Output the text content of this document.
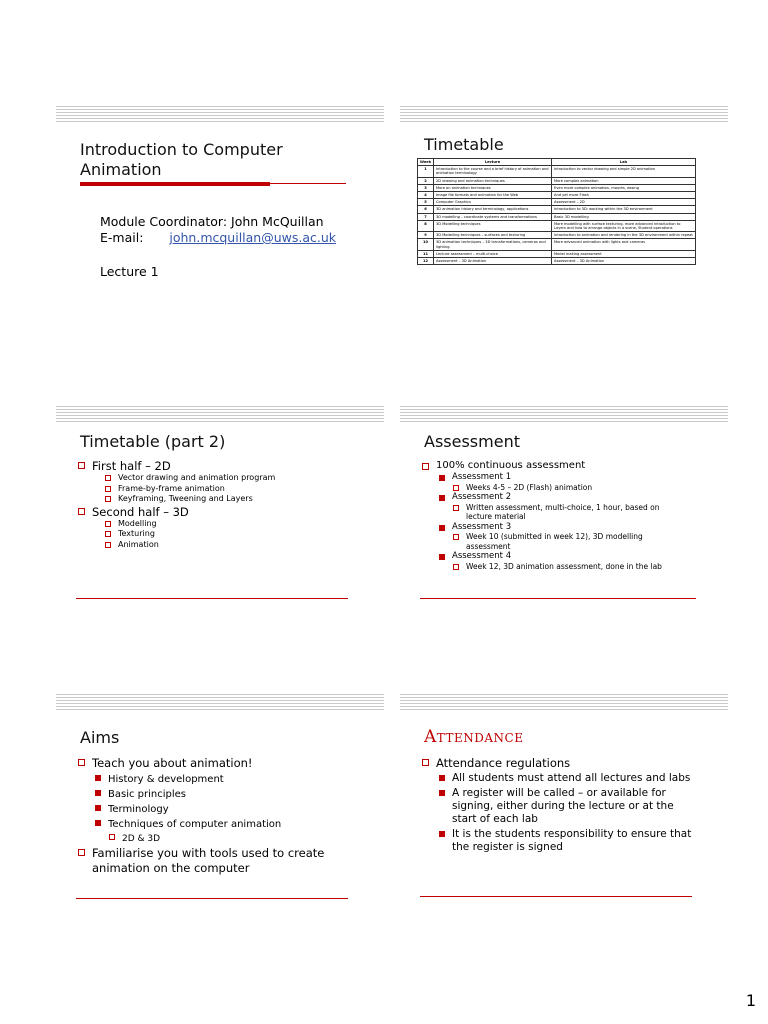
Introduction to Computer
Animation
Module Coordinator: John McQuillan
E-mail: john.mcquillan@uws.ac.uk
Lecture 1
Timetable
Week	Lecture	Lab
1	Introduction to the course and a brief history of animation and animation terminology	Introduction to vector drawing and simple 2D animation
2	2D drawing and animation techniques	More complex animation
3	More on animation techniques	Even more complex animation, morphs, easing
4	Image file formats and animation for the Web	And yet more Flash
5	Computer Graphics	Assessment – 2D
6	3D animation history and terminology, applications	Introduction to 3D: working within the 3D environment
7	3D modelling – coordinate systems and transformations	Basic 3D modelling
8	3D Modelling techniques	More modelling with surface texturing, more advanced introduction to Layers and how to arrange objects in a scene, Student operations
9	3D Modelling techniques – surfaces and texturing	Introduction to animation and rendering in the 3D environment within repeat
10	3D animation techniques – 3D transformations, cameras and lighting	More advanced animation with lights and cameras
11	Lecture assessment – multi-choice	Model making assessment
12	Assessment – 3D Animation	Assessment – 3D Animation
Timetable (part 2)
First half – 2D
Vector drawing and animation program
Frame-by-frame animation
Keyframing, Tweening and Layers
Second half – 3D
Modelling
Texturing
Animation
Assessment
100% continuous assessment
Assessment 1
Weeks 4-5 – 2D (Flash) animation
Assessment 2
Written assessment, multi-choice, 1 hour, based on lecture material
Assessment 3
Week 10 (submitted in week 12), 3D modelling assessment
Assessment 4
Week 12, 3D animation assessment, done in the lab
Aims
Teach you about animation!
History & development
Basic principles
Terminology
Techniques of computer animation
2D & 3D
Familiarise you with tools used to create animation on the computer
Attendance
Attendance regulations
All students must attend all lectures and labs
A register will be called – or available for signing, either during the lecture or at the start of each lab
It is the students responsibility to ensure that the register is signed
1
